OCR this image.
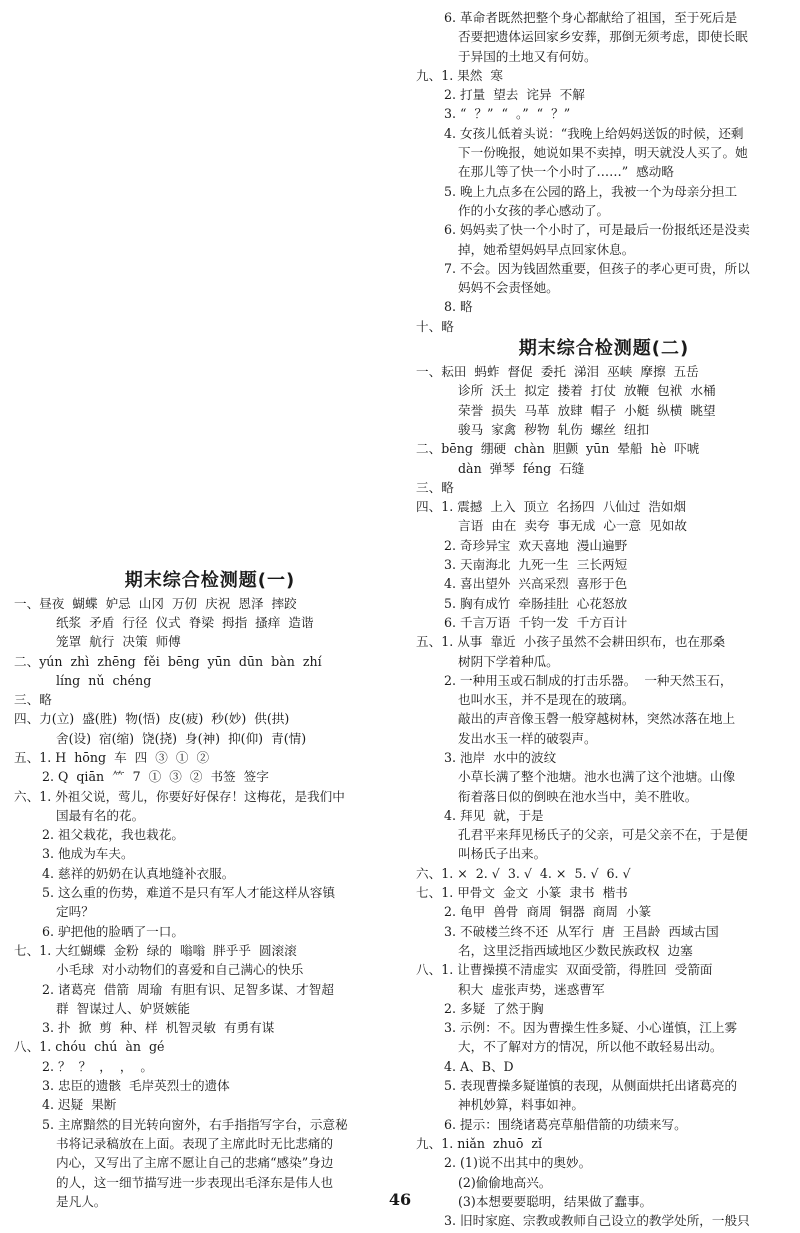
期末综合检测题(一)
一、昼夜  蝴蝶  妒忌  山冈  万仞  庆祝  恩泽  摔跤
纸浆  矛盾  行径  仪式  脊梁  拇指  搔痒  造谐
笼罩  航行  决策  师傅
二、yún  zhì  zhēng  fěi  bēng  yūn  dūn  bàn  zhí
líng  nǔ  chéng
三、略
四、力(立)  盛(胜)  物(悟)  皮(疲)  秒(妙)  供(拱)
舍(设)  宿(缩)  饶(挠)  身(神)  抑(仰)  青(情)
五、1. H  hōng  车  四  ③  ①  ②
2. Q  qiān  ⺮  7  ①  ③  ②  书签  签字
六、1. 外祖父说，莺儿，你要好好保存！这梅花，是我们中
国最有名的花。
2. 祖父栽花，我也栽花。
3. 他成为车夫。
4. 慈祥的奶奶在认真地缝补衣服。
5. 这么重的伤势，难道不是只有军人才能这样从容镇
定吗？
6. 驴把他的脸晒了一口。
七、1. 大红蝴蝶  金粉  绿的  嗡嗡  胖乎乎  圆滚滚
小毛球  对小动物们的喜爱和自己满心的快乐
2. 诸葛亮  借箭  周瑜  有胆有识、足智多谋、才智超
群  智谋过人、妒贤嫉能
3. 扑  掀  剪  种、样  机智灵敏  有勇有谋
八、1. chóu  chú  àn  gé
2. ？  ？  ，  ，  。
3. 忠臣的遗骸  毛岸英烈士的遗体
4. 迟疑  果断
5. 主席黯然的目光转向窗外，右手指指写字台，示意秘
书将记录稿放在上面。表现了主席此时无比悲痛的
内心，又写出了主席不愿让自己的悲痛“感染”身边
的人，这一细节描写进一步表现出毛泽东是伟人也
是凡人。
6. 革命者既然把整个身心都献给了祖国，至于死后是
否要把遗体运回家乡安葬，那倒无须考虑，即使长眠
于异国的土地又有何妨。
九、1. 果然  寒
2. 打量  望去  诧异  不解
3. “  ？”  “  。”  “  ？”
4. 女孩儿低着头说：“我晚上给妈妈送饭的时候，还剩
下一份晚报，她说如果不卖掉，明天就没人买了。她
在那儿等了快一个小时了……”  感动略
5. 晚上九点多在公园的路上，我被一个为母亲分担工
作的小女孩的孝心感动了。
6. 妈妈卖了快一个小时了，可是最后一份报纸还是没卖
掉，她希望妈妈早点回家休息。
7. 不会。因为钱固然重要，但孩子的孝心更可贵，所以
妈妈不会责怪她。
8. 略
十、略
期末综合检测题(二)
一、耘田  蚂蚱  督促  委托  涕泪  巫峡  摩擦  五岳
诊所  沃土  拟定  搂着  打仗  放鞭  包袱  水桶
荣誉  损失  马革  放肆  帽子  小艇  纵横  眺望
骏马  家禽  秽物  轧伤  螺丝  纽扣
二、bēng  绷硬  chàn  胆颤  yūn  晕船  hè  吓唬
dàn  弹琴  féng  石缝
三、略
四、1. 震撼  上入  顶立  名扬四  八仙过  浩如烟
言语  由在  卖夸  事无成  心一意  见如故
2. 奇珍异宝  欢天喜地  漫山遍野
3. 天南海北  九死一生  三长两短
4. 喜出望外  兴高采烈  喜形于色
5. 胸有成竹  牵肠挂肚  心花怒放
6. 千言万语  千钧一发  千方百计
五、1. 从事  靠近  小孩子虽然不会耕田织布，也在那桑
树阴下学着种瓜。
2. 一种用玉或石制成的打击乐器。  一种天然玉石，
也叫水玉，并不是现在的玻璃。
敲出的声音像玉磬一般穿越树林，突然冰落在地上
发出水玉一样的破裂声。
3. 池岸  水中的波纹
小草长满了整个池塘。池水也满了这个池塘。山像
衔着落日似的倒映在池水当中，美不胜收。
4. 拜见  就，于是
孔君平来拜见杨氏子的父亲，可是父亲不在，于是便
叫杨氏子出来。
六、1. ×  2. √  3. √  4. ×  5. √  6. √
七、1. 甲骨文  金文  小篆  隶书  楷书
2. 龟甲  兽骨  商周  铜器  商周  小篆
3. 不破楼兰终不还  从军行  唐  王昌龄  西域古国
名，这里泛指西域地区少数民族政权  边塞
八、1. 让曹操摸不清虚实  双面受箭，得胜回  受箭面
积大  虚张声势，迷惑曹军
2. 多疑  了然于胸
3. 示例：不。因为曹操生性多疑、小心谨慎，江上雾
大，不了解对方的情况，所以他不敢轻易出动。
4. A、B、D
5. 表现曹操多疑谨慎的表现，从侧面烘托出诸葛亮的
神机妙算，料事如神。
6. 提示：围绕诸葛亮草船借箭的功绩来写。
九、1. niǎn  zhuō  zǐ
2. (1)说不出其中的奥妙。
(2)偷偷地高兴。
(3)本想要要聪明，结果做了蠢事。
3. 旧时家庭、宗教或教师自己设立的教学处所，一般只
46
